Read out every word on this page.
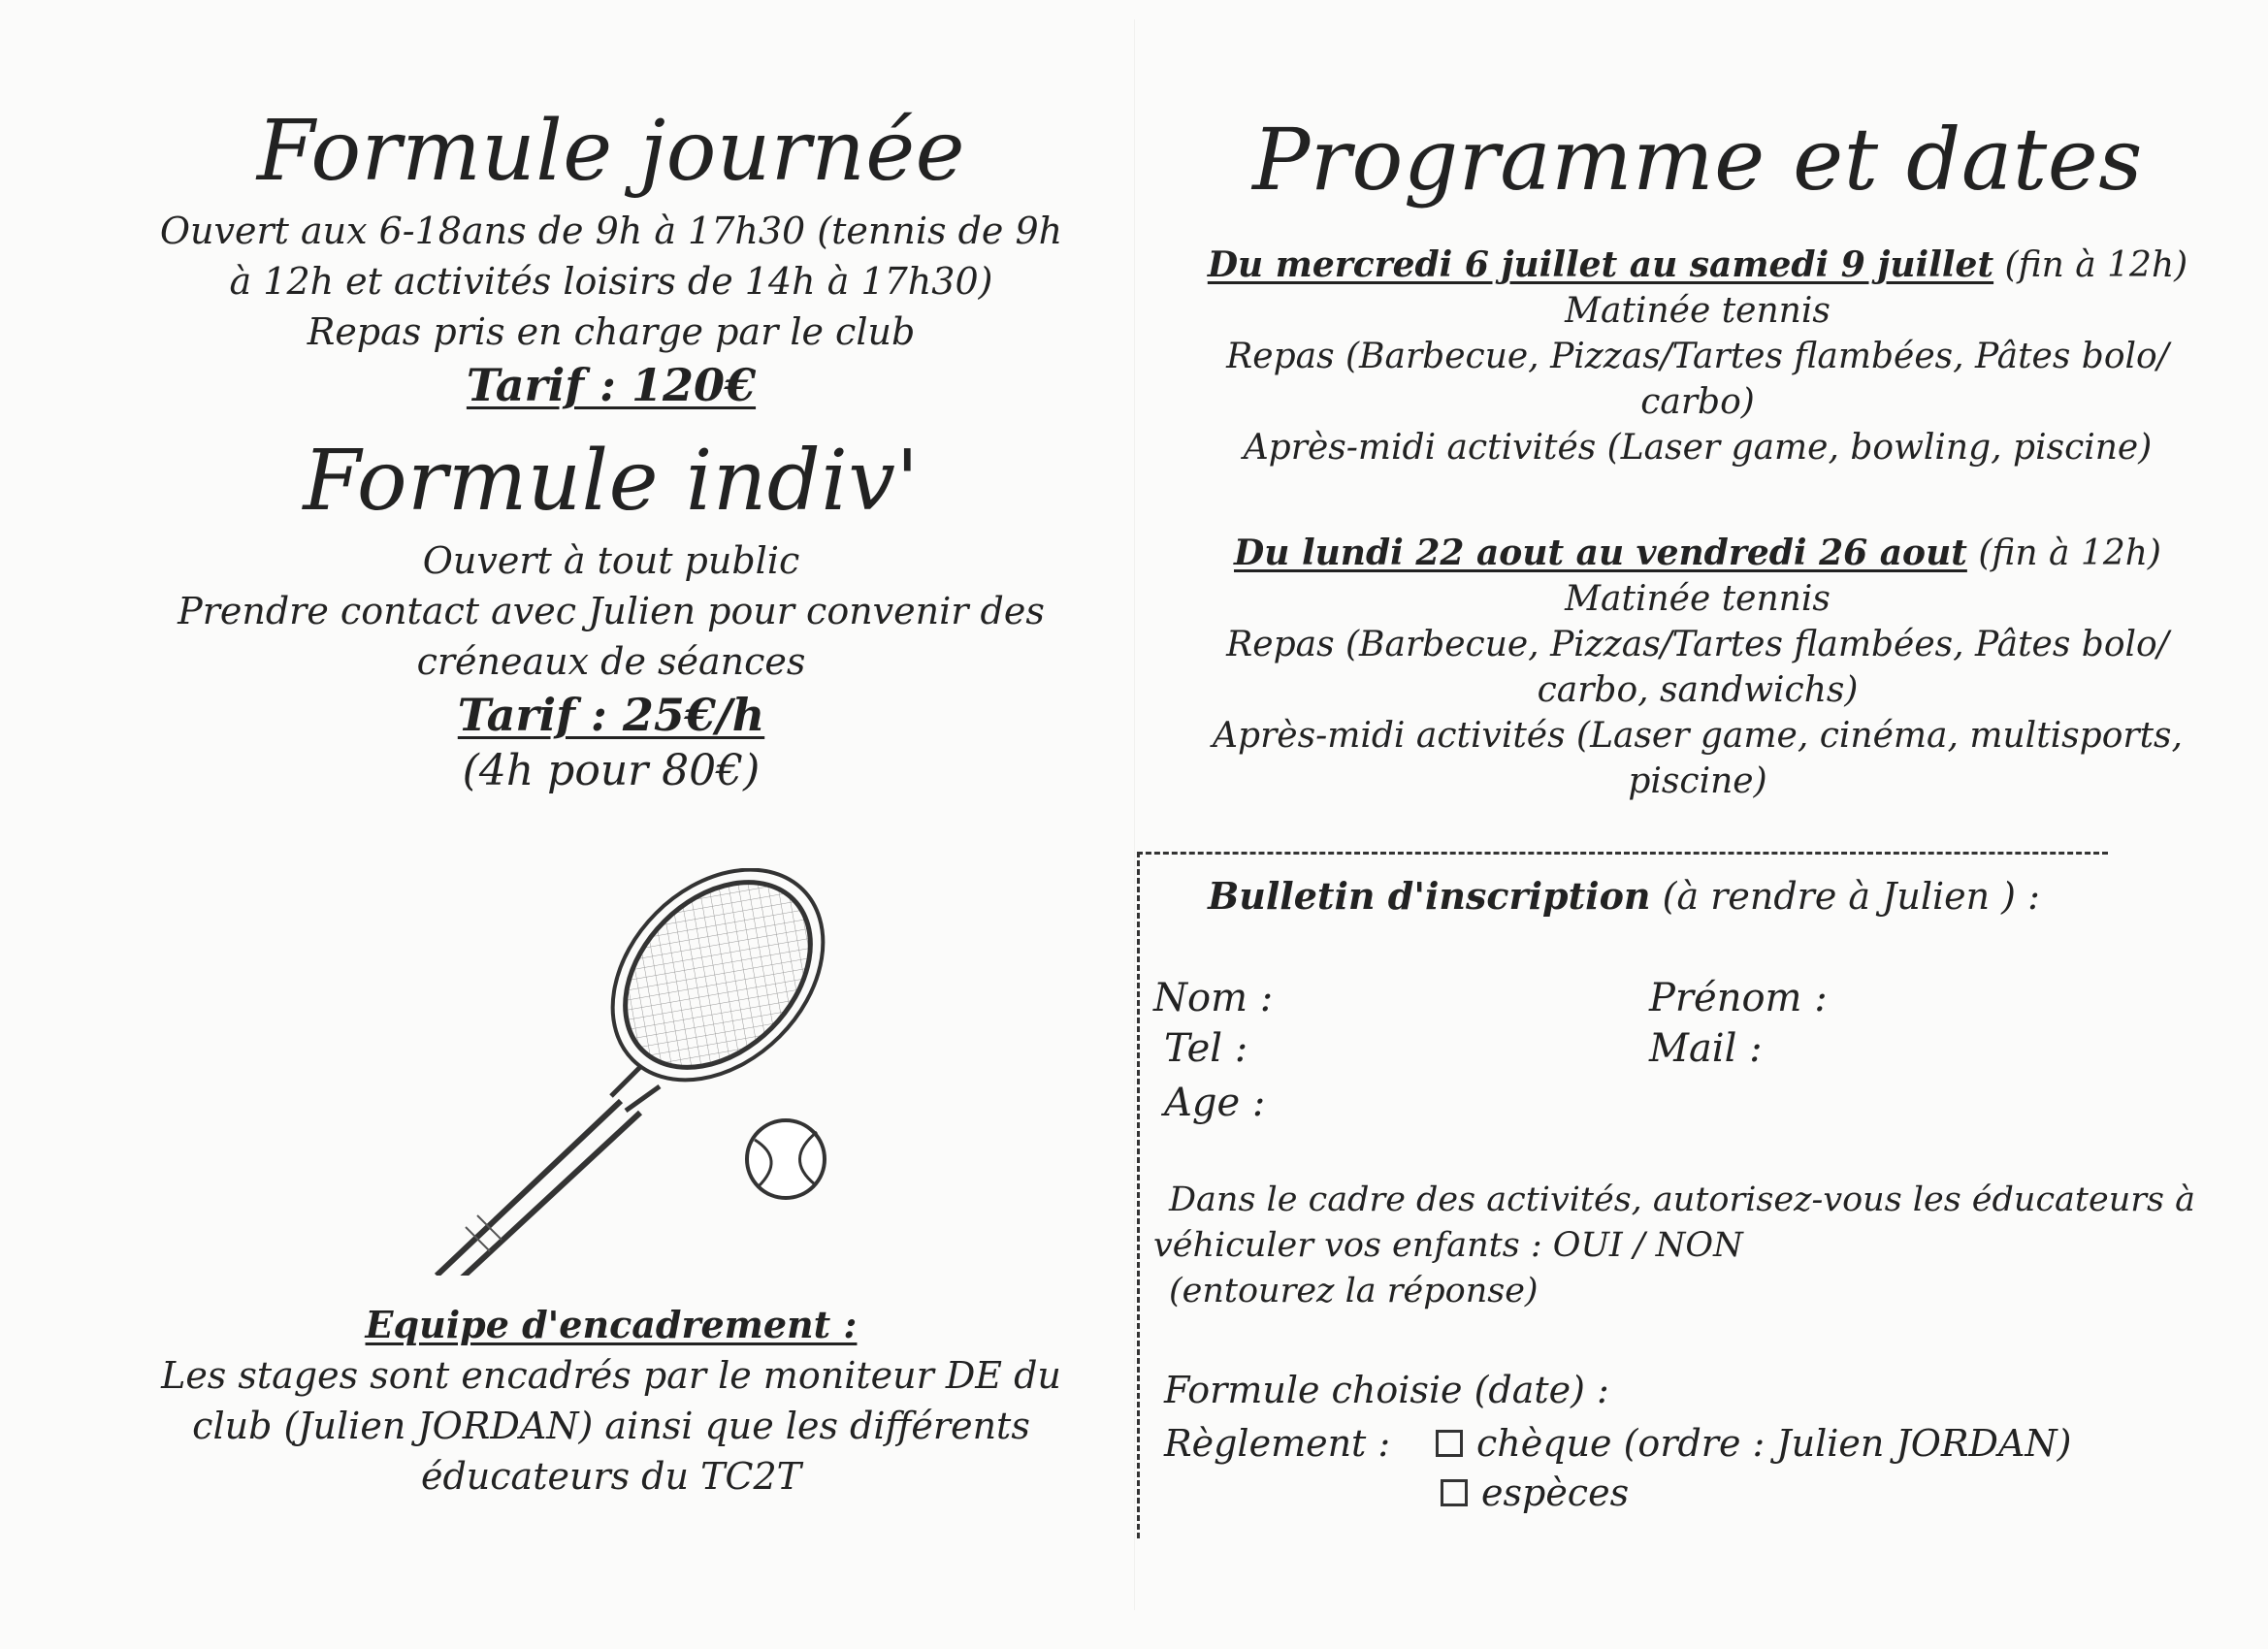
Formule journée
Ouvert aux 6-18ans de 9h à 17h30 (tennis de 9h
à 12h et activités loisirs de 14h à 17h30)
Repas pris en charge par le club
Tarif : 120€
Formule indiv'
Ouvert à tout public
Prendre contact avec Julien pour convenir des
créneaux de séances
Tarif : 25€/h
(4h pour 80€)
Equipe d'encadrement :
Les stages sont encadrés par le moniteur DE du
club (Julien JORDAN) ainsi que les différents
éducateurs du TC2T
Programme et dates
Du mercredi 6 juillet au samedi 9 juillet (fin à 12h)
Matinée tennis
Repas (Barbecue, Pizzas/Tartes flambées, Pâtes bolo/
carbo)
Après-midi activités (Laser game, bowling, piscine)
Du lundi 22 aout au vendredi 26 aout (fin à 12h)
Matinée tennis
Repas (Barbecue, Pizzas/Tartes flambées, Pâtes bolo/
carbo, sandwichs)
Après-midi activités (Laser game, cinéma, multisports,
piscine)
Bulletin d'inscription (à rendre à Julien ) :
Nom :	Prénom :
Tel :	Mail :
Age :
Dans le cadre des activités, autorisez-vous les éducateurs à
véhiculer vos enfants : OUI / NON
(entourez la réponse)
Formule choisie (date) :
Règlement : chèque (ordre : Julien JORDAN)
espèces
